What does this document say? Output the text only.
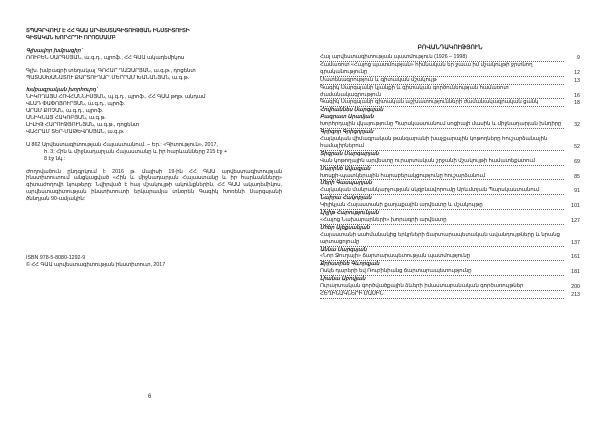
ՏՊԱԳՐՎՈՒՄ Է ՀՀ ԳԱԱ ԱՐՎԵՍՏԱԳԻՏՈՒԹՅԱՆ ԻՆՍՏԻՏՈՒՏԻ
ԳԻՏԱԿԱՆ ԽՈՐՀՐԴԻ ՈՐՈՇՄԱՄԲ
Գլխավոր խմբագիր՝
ՌՈՒԲԵՆ ՍԱՐԳՍՅԱՆ, ա.գ.դ., պրոֆ., ՀՀ ԳԱԱ ակադեմիկոս
Գլխ. խմբագրի տեղակալ՝ ԳՈՀԱՐ ՂԱԶԱՐՅԱՆ, ա.գ.թ., դոցենտ
ՊԱՏԱՍԽԱՆԱՏՈՒ ՔԱՐՏՈՒՂԱՐ՝ ՄԵՐՐԱՄ ԽԱՆԱՆՅԱՆ, ա.գ.թ.
Խմբագրական խորհուրդ՝
ՆԻԿՈՂԱՅՍ ՀՈՎՀԱՆՆԻՍՅԱՆ, պ.գ.դ., պրոֆ., ՀՀ ԳԱԱ թղթ. անդամ
ՎԼԱԴ ՓԱՓՈՅՈՒՐՅԱՆ, ա.գ.դ., պրոֆ.
ԱՐԱՄ ՔՈՉԱՆ, ա.գ.դ., պրոֆ.
ԱՆԻԿՆԱՅ ՀԱԿՈԲՅԱՆ, ա.գ.թ.
ԼԻԼԻԹ ՀԱՐՈՒԹՅՈՒՆՅԱՆ, ա.գ.թ., դոցենտ
ՎԱՀՐԱՄ ՏԵՐ-ՄԱԹԵՎՈՍՅԱՆ, ա.գ.թ.
Ա 862 Արվեստագիտության Հայաստանում. – Եր.: «Գիտություն», 2017,
հ. 3: Հին և միջնադարյան Հայաստանը և իր հարևանները 215 էջ +
8 էջ նկ.:
Ժողովածուն ընդգրկում է 2016 թ. մայիսի 19-ին ՀՀ ԳԱԱ արվեստագիտության ինստիտուտում անցկացված «Հին և միջնադարյան Հայաստանը և իր հարևանները» գիտաժողովի նյութերը: Նվիրված է հայ մշակույթի ակունքներին, ՀՀ ԳԱԱ ակադեմիկոս, արվեստագիտության ինստիտուտի երկարամյա տնօրեն Գագիկ Խոռենի Սարգսյանի ծննդյան 90-ամյակին:
ISBN 978-5-8080-1292-9
© ՀՀ ԳԱԱ արվեստագիտության ինստիտուտ, 2017
6
ԲՈՎԱՆԴԱԿՈՒԹՅՈՒՆ
Հայ արվեստագիտության պատմություն (1926 – 1998)	9
Համառոտ «Հայոց պատմության» հիմնական եր ջաւա իմ մշակույթի ջրտնող գրականությունը	12
Մատենագրություն և գիտական մշակույթ	13
Գագիկ Սարգսյանի կյանքի և գիտական գործունեության համառոտ ժամանակագրություն	16
Գագիկ Սարգսյանի գիտական աշխատությունների ժամանակագրական ցանկ	18
Հովհաննես Սարգսյան
Բագրատ Արամյան
Խորհրդային վկայությունը Պարսկաստանում սոցիալի մասին և միջնադարյան խնդիրը	32
Գրիգոր Գրիգորյան
Հայկական վիմագրական թանգարանի խաչքարային կոթողները հուշարձանային համալիրներում	52
Տիգրան Մարգարյան
Վան կոթողային արվեստը ուրարտական շրջանի մշակույթի համատեքստում	69
Մարինե Ավագյան
Խոսքի-պատկերային հարաբերակցությունը հուշարձանում	85
Մերի Գասպարյան
Հայկական մանրանկարչության սկզբնավորումը Արևմտյան Պարսկաստանում	91
Նաիրա Հակոբյան
Կիլիկյան Հայաստանի քաղաքային արվեստը և մշակույթը	101
Լիլիթ Հարությունյան
«Հայոց Նախարարների» խորագրի արվեստը	127
Մհեր Ալեքսանյան
Հայաստանի սահմանակից երկրների ճարտարապետական ավանդույթները և նրանց արտացոլումը	137
Աննա Սարգսյան
«Նոր Ջուղայի» ճարտարապետության պատմությունը	161
Քրիստինե Գևորգյան
Ոսկե դարերի եվ Ռուբինիանց ճարտարապետությունը	181
Լիանա Աբովյան
Ուրարտական գործվածքային ձևերի իմաստաբանական գործառույթներ	200
ՀԵՂԻՆԱԿՆԵՐԻ ՄԱՍԻՆ	213
